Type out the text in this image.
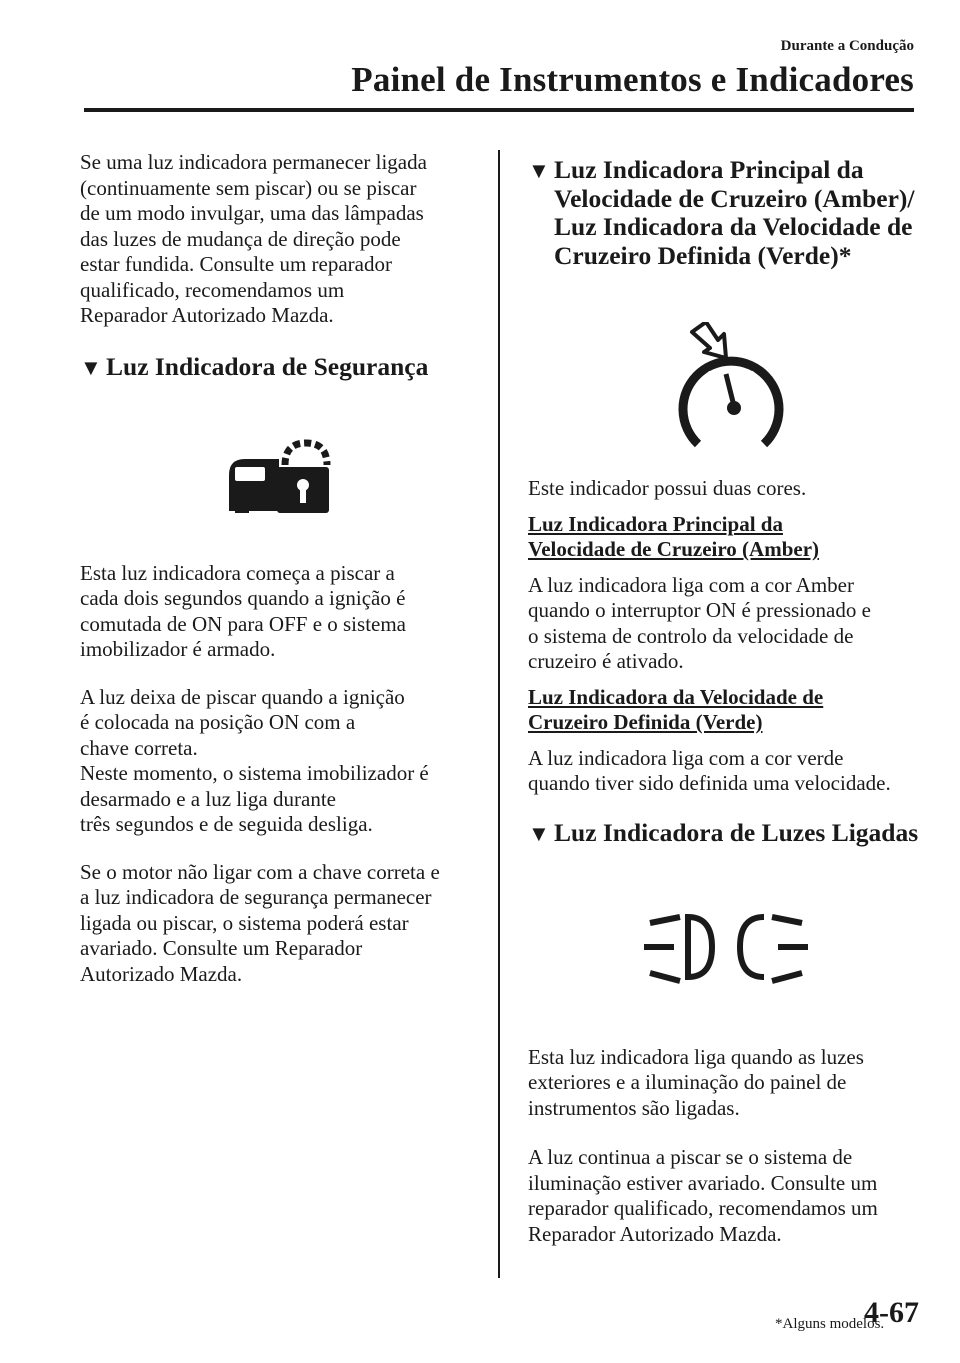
Durante a Condução
Painel de Instrumentos e Indicadores

Se uma luz indicadora permanecer ligada
(continuamente sem piscar) ou se piscar
de um modo invulgar, uma das lâmpadas
das luzes de mudança de direção pode
estar fundida. Consulte um reparador
qualificado, recomendamos um
Reparador Autorizado Mazda.

▼ Luz Indicadora de Segurança

Esta luz indicadora começa a piscar a
cada dois segundos quando a ignição é
comutada de ON para OFF e o sistema
imobilizador é armado.

A luz deixa de piscar quando a ignição
é colocada na posição ON com a
chave correta.
Neste momento, o sistema imobilizador é
desarmado e a luz liga durante
três segundos e de seguida desliga.

Se o motor não ligar com a chave correta e
a luz indicadora de segurança permanecer
ligada ou piscar, o sistema poderá estar
avariado. Consulte um Reparador
Autorizado Mazda.

▼ Luz Indicadora Principal da
Velocidade de Cruzeiro (Amber)/
Luz Indicadora da Velocidade de
Cruzeiro Definida (Verde)*

Este indicador possui duas cores.

Luz Indicadora Principal da
Velocidade de Cruzeiro (Amber)

A luz indicadora liga com a cor Amber
quando o interruptor ON é pressionado e
o sistema de controlo da velocidade de
cruzeiro é ativado.

Luz Indicadora da Velocidade de
Cruzeiro Definida (Verde)

A luz indicadora liga com a cor verde
quando tiver sido definida uma velocidade.

▼ Luz Indicadora de Luzes Ligadas

Esta luz indicadora liga quando as luzes
exteriores e a iluminação do painel de
instrumentos são ligadas.

A luz continua a piscar se o sistema de
iluminação estiver avariado. Consulte um
reparador qualificado, recomendamos um
Reparador Autorizado Mazda.

*Alguns modelos.
4-67
